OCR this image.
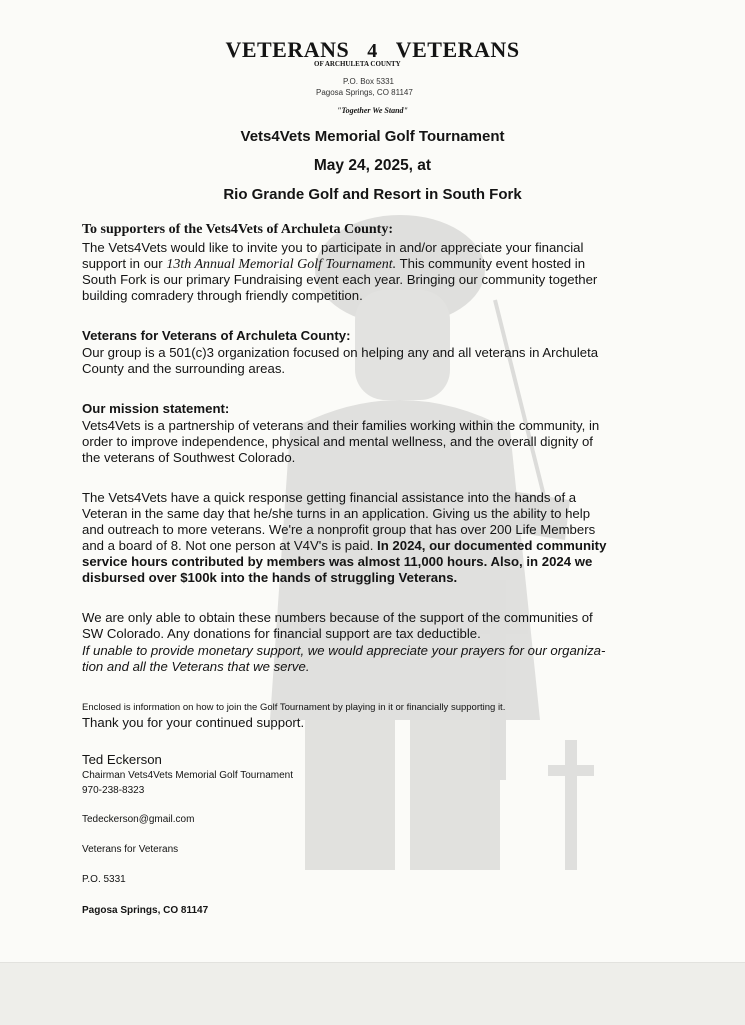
VETERANS 4 VETERANS
OF ARCHULETA COUNTY
P.O. Box 5331
Pagosa Springs, CO 81147
"Together We Stand"
Vets4Vets Memorial Golf Tournament
May 24, 2025, at
Rio Grande Golf and Resort in South Fork
To supporters of the Vets4Vets of Archuleta County:
The Vets4Vets would like to invite you to participate in and/or appreciate your financial
support in our 13th Annual Memorial Golf Tournament. This community event hosted in
South Fork is our primary Fundraising event each year. Bringing our community together
building comradery through friendly competition.
Veterans for Veterans of Archuleta County:
Our group is a 501(c)3 organization focused on helping any and all veterans in Archuleta
County and the surrounding areas.
Our mission statement:
Vets4Vets is a partnership of veterans and their families working within the community, in
order to improve independence, physical and mental wellness, and the overall dignity of
the veterans of Southwest Colorado.
The Vets4Vets have a quick response getting financial assistance into the hands of a
Veteran in the same day that he/she turns in an application. Giving us the ability to help
and outreach to more veterans. We're a nonprofit group that has over 200 Life Members
and a board of 8. Not one person at V4V's is paid. In 2024, our documented community
service hours contributed by members was almost 11,000 hours. Also, in 2024 we
disbursed over $100k into the hands of struggling Veterans.
We are only able to obtain these numbers because of the support of the communities of
SW Colorado. Any donations for financial support are tax deductible.
If unable to provide monetary support, we would appreciate your prayers for our organiza-
tion and all the Veterans that we serve.
Enclosed is information on how to join the Golf Tournament by playing in it or financially supporting it.
Thank you for your continued support.
Ted Eckerson
Chairman Vets4Vets Memorial Golf Tournament
970-238-8323
Tedeckerson@gmail.com
Veterans for Veterans
P.O. 5331
Pagosa Springs, CO 81147
